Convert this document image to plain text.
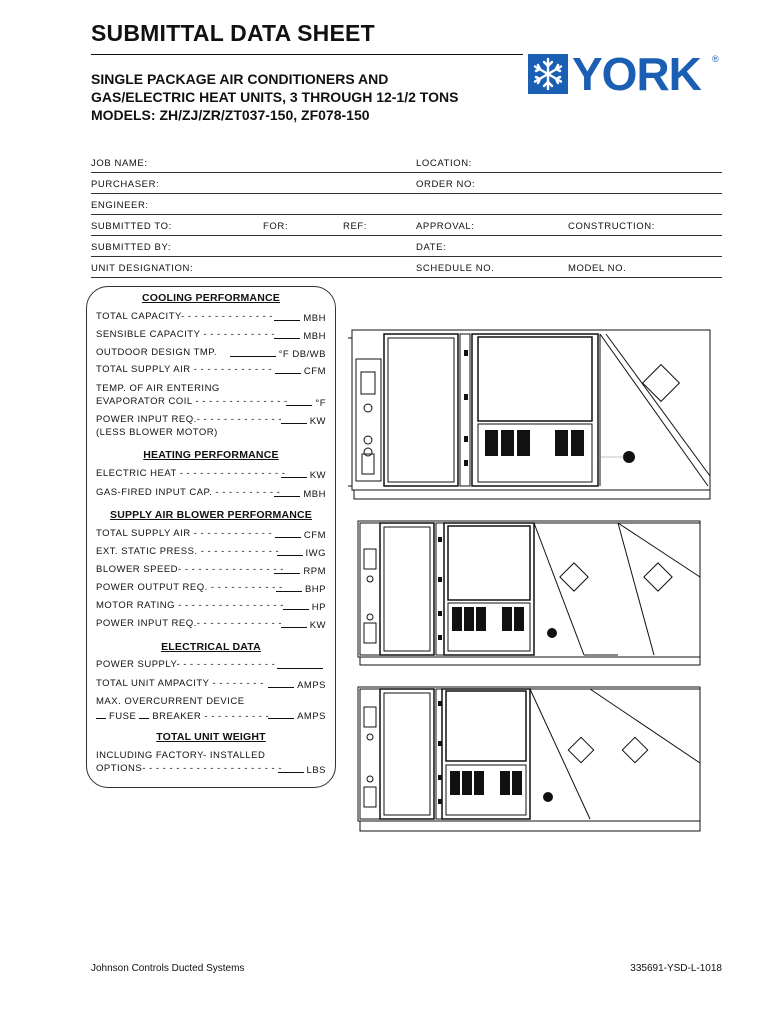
SUBMITTAL DATA SHEET
SINGLE PACKAGE AIR CONDITIONERS AND
GAS/ELECTRIC HEAT UNITS, 3 THROUGH 12-1/2 TONS
MODELS: ZH/ZJ/ZR/ZT037-150, ZF078-150
YORK ®
JOB NAME:	LOCATION:
PURCHASER:	ORDER NO:
ENGINEER:
SUBMITTED TO:	FOR:	REF:	APPROVAL:	CONSTRUCTION:
SUBMITTED BY:	DATE:
UNIT DESIGNATION:	SCHEDULE NO.	MODEL NO.
COOLING PERFORMANCE
TOTAL CAPACITY- - - - - - - - - - - - - -	MBH
SENSIBLE CAPACITY - - - - - - - - - - -	MBH
OUTDOOR DESIGN TMP.	°F DB/WB
TOTAL SUPPLY AIR - - - - - - - - - - - -	CFM
TEMP. OF AIR ENTERING
EVAPORATOR COIL - - - - - - - - - - - - - -	°F
POWER INPUT REQ.- - - - - - - - - - - - -	KW
(LESS BLOWER MOTOR)
HEATING PERFORMANCE
ELECTRIC HEAT - - - - - - - - - - - - - - - -	KW
GAS-FIRED INPUT CAP. - - - - - - - - - -	MBH
SUPPLY AIR BLOWER PERFORMANCE
TOTAL SUPPLY AIR - - - - - - - - - - - -	CFM
EXT. STATIC PRESS. - - - - - - - - - - - -	IWG
BLOWER SPEED- - - - - - - - - - - - - - - -	RPM
POWER OUTPUT REQ. - - - - - - - - - - -	BHP
MOTOR RATING - - - - - - - - - - - - - - - -	HP
POWER INPUT REQ.- - - - - - - - - - - - -	KW
ELECTRICAL DATA
POWER SUPPLY- - - - - - - - - - - - - - -
TOTAL UNIT AMPACITY - - - - - - - -	AMPS
MAX. OVERCURRENT DEVICE
FUSE BREAKER - - - - - - - - - -	AMPS
TOTAL UNIT WEIGHT
INCLUDING FACTORY- INSTALLED
OPTIONS- - - - - - - - - - - - - - - - - - - - -	LBS
Johnson Controls Ducted Systems	335691-YSD-L-1018
